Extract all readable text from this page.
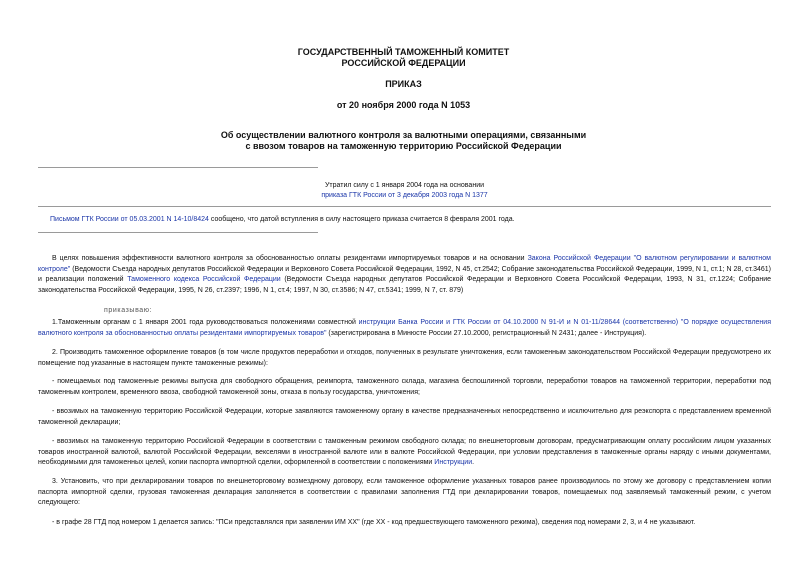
ГОСУДАРСТВЕННЫЙ ТАМОЖЕННЫЙ КОМИТЕТ
РОССИЙСКОЙ ФЕДЕРАЦИИ
ПРИКАЗ
от 20 ноября 2000 года N 1053
Об осуществлении валютного контроля за валютными операциями, связанными
с ввозом товаров на таможенную территорию Российской Федерации
Утратил силу с 1 января 2004 года на основании
приказа ГТК России от 3 декабря 2003 года N 1377
Письмом ГТК России от 05.03.2001 N 14-10/8424 сообщено, что датой вступления в силу настоящего приказа считается 8 февраля 2001 года.
В целях повышения эффективности валютного контроля за обоснованностью оплаты резидентами импортируемых товаров и на основании Закона Российской Федерации "О валютном регулировании и валютном контроле" (Ведомости Съезда народных депутатов Российской Федерации и Верховного Совета Российской Федерации, 1992, N 45, ст.2542; Собрание законодательства Российской Федерации, 1999, N 1, ст.1; N 28, ст.3461) и реализации положений Таможенного кодекса Российской Федерации (Ведомости Съезда народных депутатов Российской Федерации и Верховного Совета Российской Федерации, 1993, N 31, ст.1224; Собрание законодательства Российской Федерации, 1995, N 26, ст.2397; 1996, N 1, ст.4; 1997, N 30, ст.3586; N 47, ст.5341; 1999, N 7, ст. 879)
приказываю:
1.Таможенным органам с 1 января 2001 года руководствоваться положениями совместной инструкции Банка России и ГТК России от 04.10.2000 N 91-И и N 01-11/28644 (соответственно) "О порядке осуществления валютного контроля за обоснованностью оплаты резидентами импортируемых товаров" (зарегистрирована в Минюсте России 27.10.2000, регистрационный N 2431; далее - Инструкция).
2. Производить таможенное оформление товаров (в том числе продуктов переработки и отходов, полученных в результате уничтожения, если таможенным законодательством Российской Федерации предусмотрено их помещение под указанные в настоящем пункте таможенные режимы):
- помещаемых под таможенные режимы выпуска для свободного обращения, реимпорта, таможенного склада, магазина беспошлинной торговли, переработки товаров на таможенной территории, переработки под таможенным контролем, временного ввоза, свободной таможенной зоны, отказа в пользу государства, уничтожения;
- ввозимых на таможенную территорию Российской Федерации, которые заявляются таможенному органу в качестве предназначенных непосредственно и исключительно для реэкспорта с представлением временной таможенной декларации;
- ввозимых на таможенную территорию Российской Федерации в соответствии с таможенным режимом свободного склада; по внешнеторговым договорам, предусматривающим оплату российским лицом указанных товаров иностранной валютой, валютой Российской Федерации, векселями в иностранной валюте или в валюте Российской Федерации, при условии представления в таможенные органы наряду с иными документами, необходимыми для таможенных целей, копии паспорта импортной сделки, оформленной в соответствии с положениями Инструкции.
3. Установить, что при декларировании товаров по внешнеторговому возмездному договору, если таможенное оформление указанных товаров ранее производилось по этому же договору с представлением копии паспорта импортной сделки, грузовая таможенная декларация заполняется в соответствии с правилами заполнения ГТД при декларировании товаров, помещаемых под заявляемый таможенный режим, с учетом следующего:
- в графе 28 ГТД под номером 1 делается запись: "ПСи представлялся при заявлении ИМ ХХ" (где ХХ - код предшествующего таможенного режима), сведения под номерами 2, 3, и 4 не указывают.
